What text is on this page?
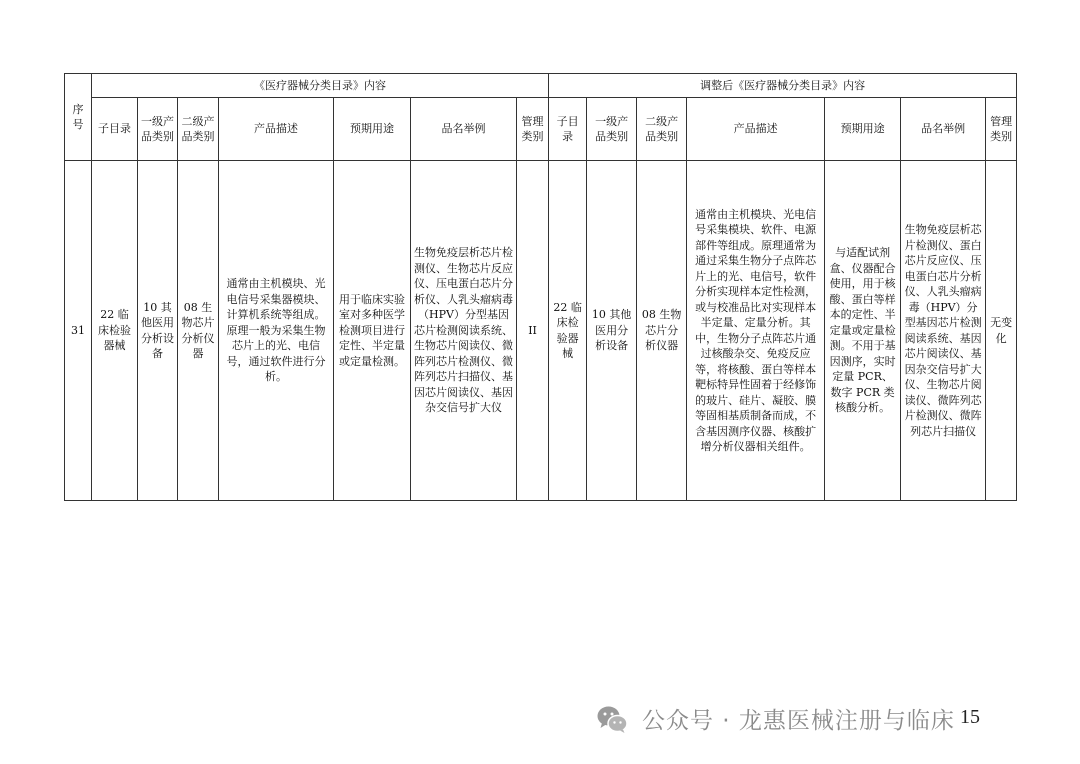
序号	《医疗器械分类目录》内容							调整后《医疗器械分类目录》内容						
	子目录	一级产品类别	二级产品类别	产品描述	预期用途	品名举例	管理类别	子目录	一级产品类别	二级产品类别	产品描述	预期用途	品名举例	管理类别
31	22 临床检验器械	10 其他医用分析设备	08 生物芯片分析仪器	通常由主机模块、光电信号采集器模块、计算机系统等组成。原理一般为采集生物芯片上的光、电信号，通过软件进行分析。	用于临床实验室对多种医学检测项目进行定性、半定量或定量检测。	生物免疫层析芯片检测仪、生物芯片反应仪、压电蛋白芯片分析仪、人乳头瘤病毒（HPV）分型基因芯片检测阅读系统、生物芯片阅读仪、微阵列芯片检测仪、微阵列芯片扫描仪、基因芯片阅读仪、基因杂交信号扩大仪	II	22 临床检验器械	10 其他医用分析设备	08 生物芯片分析仪器	通常由主机模块、光电信号采集模块、软件、电源部件等组成。原理通常为通过采集生物分子点阵芯片上的光、电信号，软件分析实现样本定性检测，或与校准品比对实现样本半定量、定量分析。其中，生物分子点阵芯片通过核酸杂交、免疫反应等，将核酸、蛋白等样本靶标特异性固着于经修饰的玻片、硅片、凝胶、膜等固相基质制备而成，不含基因测序仪器、核酸扩增分析仪器相关组件。	与适配试剂盒、仪器配合使用，用于核酸、蛋白等样本的定性、半定量或定量检测。不用于基因测序，实时定量 PCR、数字 PCR 类核酸分析。	生物免疫层析芯片检测仪、蛋白芯片反应仪、压电蛋白芯片分析仪、人乳头瘤病毒（HPV）分型基因芯片检测阅读系统、基因芯片阅读仪、基因杂交信号扩大仪、生物芯片阅读仪、微阵列芯片检测仪、微阵列芯片扫描仪	无变化
公众号 · 龙惠医械注册与临床 15
